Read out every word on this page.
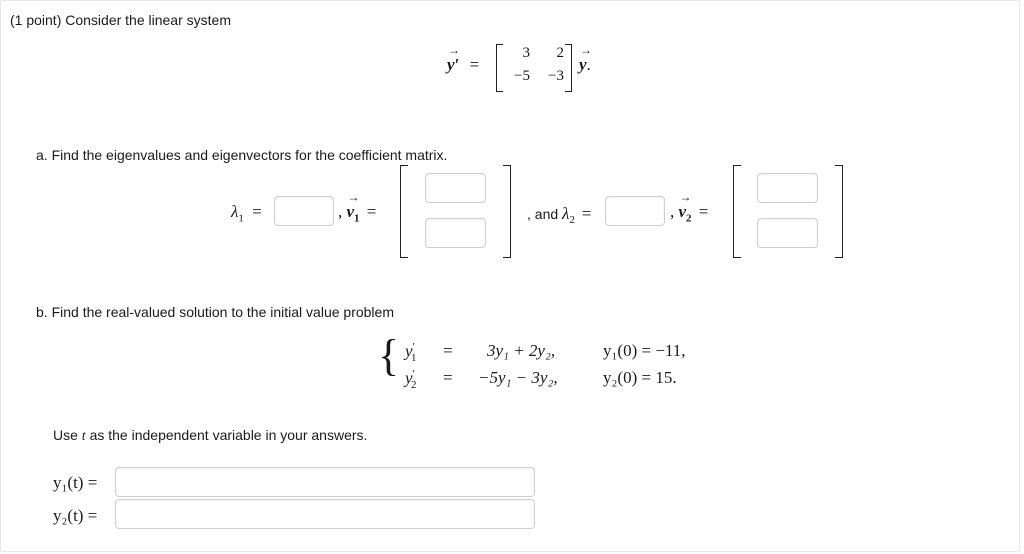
(1 point) Consider the linear system
→ y′ =
3	2
−5	−3
→ y.
a. Find the eigenvalues and eigenvectors for the coefficient matrix.
$\lambda_1$ =	, → $v_1$ =	, and $\lambda_2$ =	, → $v_2$ =
b. Find the real-valued solution to the initial value problem
{ $y'_1 = 3y_1 + 2y_2$,	y₁(0) = −11,
$y'_2 = -5y_1 - 3y_2$,	y₂(0) = 15.
Use t as the independent variable in your answers.
y₁(t) =
y₂(t) =
